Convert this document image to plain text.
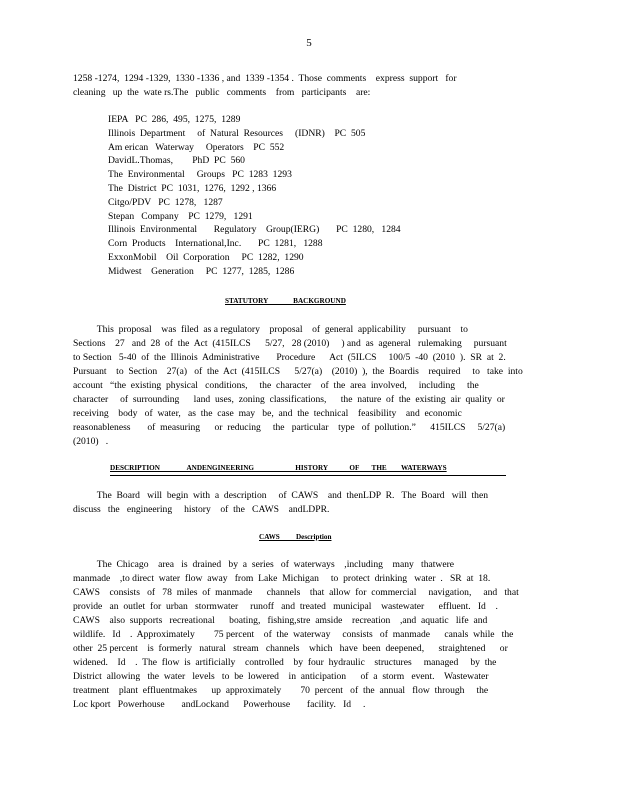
5
1258 -1274,  1294 -1329,  1330 -1336 , and  1339 -1354 .  Those  comments    express  support   for
cleaning   up  the  wate rs.The   public   comments    from   participants    are:
IEPA   PC  286,  495,  1275,  1289
Illinois  Department     of  Natural  Resources     (IDNR)    PC  505
Am erican   Waterway     Operators    PC  552
DavidL.Thomas,        PhD  PC  560
The  Environmental     Groups   PC  1283  1293
The  District  PC  1031,  1276,  1292 , 1366
Citgo/PDV   PC  1278,   1287
Stepan   Company    PC  1279,   1291
Illinois  Environmental       Regulatory    Group(IERG)       PC  1280,   1284
Corn  Products    International,Inc.       PC  1281,   1288
ExxonMobil    Oil  Corporation     PC  1282,  1290
Midwest    Generation     PC  1277,  1285,  1286
STATUTORY              BACKGROUND
This  proposal    was  filed  as a regulatory    proposal    of  general  applicability     pursuant    to
Sections    27   and  28  of  the  Act  (415ILCS      5/27,   28 (2010)     ) and  as  ageneral   rulemaking     pursuant
to Section   5-40  of  the  Illinois  Administrative       Procedure      Act  (5ILCS     100/5  -40  (2010  ).  SR  at  2.
Pursuant    to  Section    27(a)   of  the  Act  (415ILCS      5/27(a)    (2010)  ),  the  Boardis    required     to   take  into
account   “the  existing  physical   conditions,     the  character    of  the  area  involved,     including     the
character     of  surrounding      land  uses,  zoning  classifications,      the  nature  of  the  existing  air  quality  or
receiving    body   of  water,   as  the  case  may   be,  and  the  technical    feasibility    and  economic
reasonableness       of  measuring      or  reducing     the   particular    type   of  pollution.”      415ILCS     5/27(a)
(2010)   .
DESCRIPTION               ANDENGINEERING                       HISTORY            OF       THE        WATERWAYS
The  Board   will  begin  with  a  description     of  CAWS    and  thenLDP  R.   The  Board   will  then
discuss   the   engineering     history    of  the   CAWS    andLDPR.
CAWS         Description
The  Chicago    area   is  drained   by  a  series   of  waterways    ,including    many   thatwere
manmade    ,to direct  water  flow  away   from  Lake  Michigan     to  protect  drinking   water  .   SR  at  18.
CAWS    consists   of   78  miles  of  manmade      channels    that  allow  for  commercial     navigation,     and   that
provide   an  outlet  for  urban   stormwater     runoff   and  treated   municipal    wastewater      effluent.   Id    .
CAWS    also  supports   recreational      boating,   fishing,stre  amside    recreation    ,and  aquatic   life  and
wildlife.   Id    .  Approximately        75 percent    of  the  waterway     consists   of  manmade      canals  while   the
other  25 percent    is  formerly   natural   stream   channels    which   have  been  deepened,      straightened      or
widened.    Id    .  The  flow  is  artificially    controlled    by  four  hydraulic    structures     managed     by  the
District  allowing   the  water   levels   to  be  lowered    in  anticipation      of  a  storm   event.    Wastewater
treatment    plant  effluentmakes      up  approximately        70  percent   of  the  annual   flow  through     the
Loc kport   Powerhouse       andLockand      Powerhouse       facility.   Id     .
